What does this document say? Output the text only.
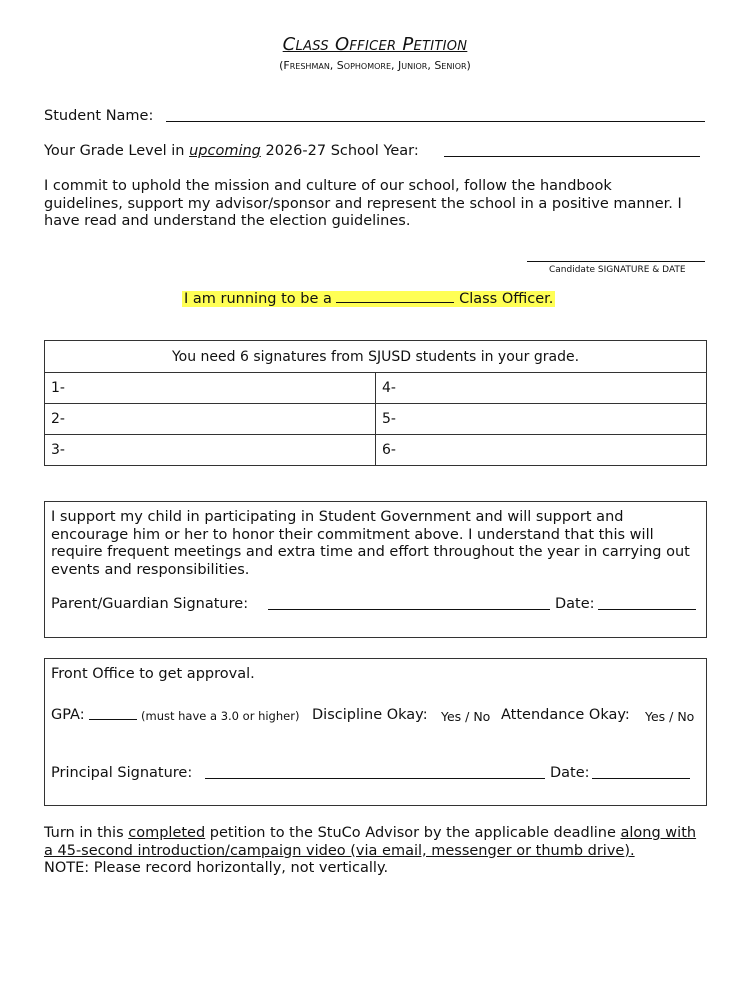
Class Officer Petition
(Freshman, Sophomore, Junior, Senior)
Student Name:
Your Grade Level in upcoming 2026-27 School Year:
I commit to uphold the mission and culture of our school, follow the handbook guidelines, support my advisor/sponsor and represent the school in a positive manner. I have read and understand the election guidelines.
Candidate SIGNATURE & DATE
I am running to be a	Class Officer.
You need 6 signatures from SJUSD students in your grade.	
1-	4-
2-	5-
3-	6-
I support my child in participating in Student Government and will support and encourage him or her to honor their commitment above. I understand that this will require frequent meetings and extra time and effort throughout the year in carrying out events and responsibilities.
Parent/Guardian Signature:	Date:
Front Office to get approval.
GPA:	(must have a 3.0 or higher) Discipline Okay: Yes / No Attendance Okay: Yes / No
Principal Signature:	Date:
Turn in this completed petition to the StuCo Advisor by the applicable deadline along with a 45-second introduction/campaign video (via email, messenger or thumb drive).
NOTE: Please record horizontally, not vertically.
